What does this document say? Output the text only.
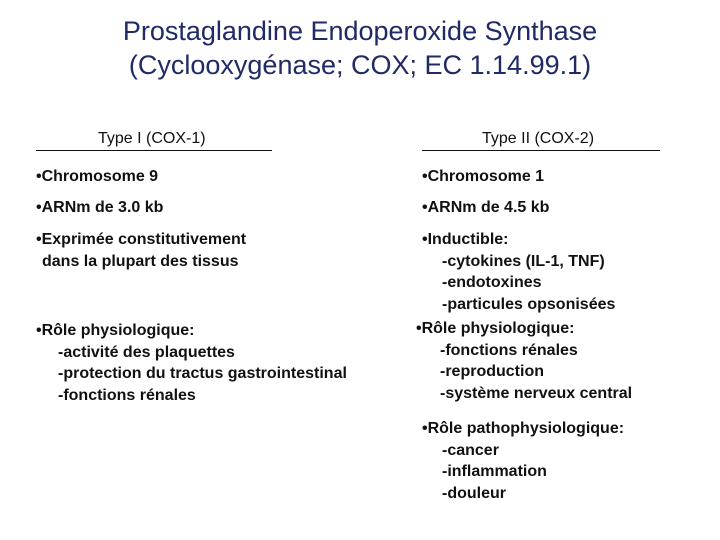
Prostaglandine Endoperoxide Synthase
(Cyclooxygénase; COX; EC 1.14.99.1)
Type I (COX-1)
•Chromosome 9
•ARNm de 3.0 kb
•Exprimée constitutivement
dans la plupart des tissus
•Rôle physiologique:
-activité des plaquettes
-protection du tractus gastrointestinal
-fonctions rénales
Type II (COX-2)
•Chromosome 1
•ARNm de 4.5 kb
•Inductible:
-cytokines (IL-1, TNF)
-endotoxines
-particules opsonisées
•Rôle physiologique:
-fonctions rénales
-reproduction
-système nerveux central
•Rôle pathophysiologique:
-cancer
-inflammation
-douleur
